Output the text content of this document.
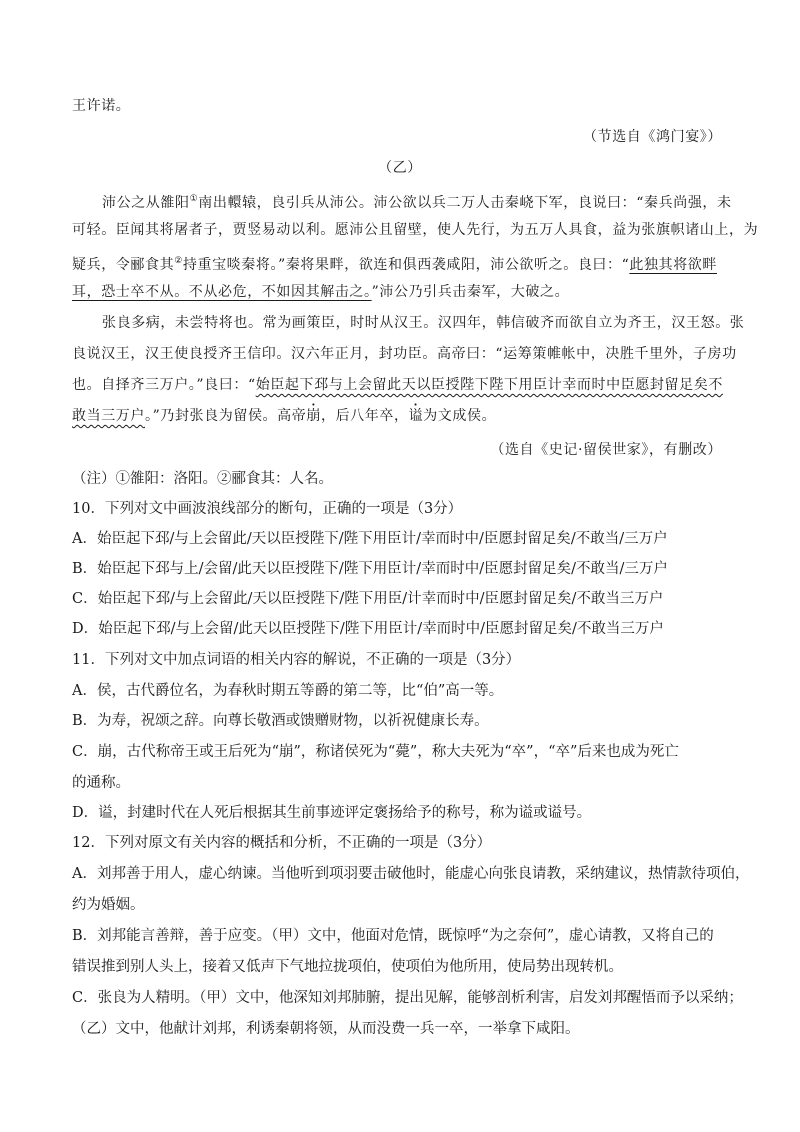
王许诺。
（节选自《鸿门宴》）
（乙）
沛公之从雒阳①南出轘辕，良引兵从沛公。沛公欲以兵二万人击秦峣下军，良说曰：“秦兵尚强，未
可轻。臣闻其将屠者子，贾竖易动以利。愿沛公且留壁，使人先行，为五万人具食，益为张旗帜诸山上，为
疑兵，令郦食其②持重宝啖秦将。”秦将果畔，欲连和俱西袭咸阳，沛公欲听之。良曰：“此独其将欲畔
耳，恐士卒不从。不从必危，不如因其解击之。”沛公乃引兵击秦军，大破之。
张良多病，未尝特将也。常为画策臣，时时从汉王。汉四年，韩信破齐而欲自立为齐王，汉王怒。张
良说汉王，汉王使良授齐王信印。汉六年正月，封功臣。高帝曰：“运筹策帷帐中，决胜千里外，子房功
也。自择齐三万户。”良曰：“始臣起下邳与上会留此天以臣授陛下陛下用臣计幸而时中臣愿封留足矣不
敢当三万户。”乃封张良为留侯。高帝崩，后八年卒，谥为文成侯。
（选自《史记·留侯世家》，有删改）
（注）①雒阳：洛阳。②郦食其：人名。
10．下列对文中画波浪线部分的断句，正确的一项是（3分）
A．始臣起下邳/与上会留此/天以臣授陛下/陛下用臣计/幸而时中/臣愿封留足矣/不敢当/三万户
B．始臣起下邳与上/会留/此天以臣授陛下/陛下用臣计/幸而时中/臣愿封留足矣/不敢当/三万户
C．始臣起下邳/与上会留此/天以臣授陛下/陛下用臣/计幸而时中/臣愿封留足矣/不敢当三万户
D．始臣起下邳/与上会留/此天以臣授陛下/陛下用臣计/幸而时中/臣愿封留足矣/不敢当三万户
11．下列对文中加点词语的相关内容的解说，不正确的一项是（3分）
A．侯，古代爵位名，为春秋时期五等爵的第二等，比“伯”高一等。
B．为寿，祝颂之辞。向尊长敬酒或馈赠财物，以祈祝健康长寿。
C．崩，古代称帝王或王后死为“崩”，称诸侯死为“薨”，称大夫死为“卒”，“卒”后来也成为死亡
的通称。
D．谥，封建时代在人死后根据其生前事迹评定褒扬给予的称号，称为谥或谥号。
12．下列对原文有关内容的概括和分析，不正确的一项是（3分）
A．刘邦善于用人，虚心纳谏。当他听到项羽要击破他时，能虚心向张良请教，采纳建议，热情款待项伯，
约为婚姻。
B．刘邦能言善辩，善于应变。（甲）文中，他面对危情，既惊呼“为之奈何”，虚心请教，又将自己的
错误推到别人头上，接着又低声下气地拉拢项伯，使项伯为他所用，使局势出现转机。
C．张良为人精明。（甲）文中，他深知刘邦肺腑，提出见解，能够剖析利害，启发刘邦醒悟而予以采纳；
（乙）文中，他献计刘邦，利诱秦朝将领，从而没费一兵一卒，一举拿下咸阳。
